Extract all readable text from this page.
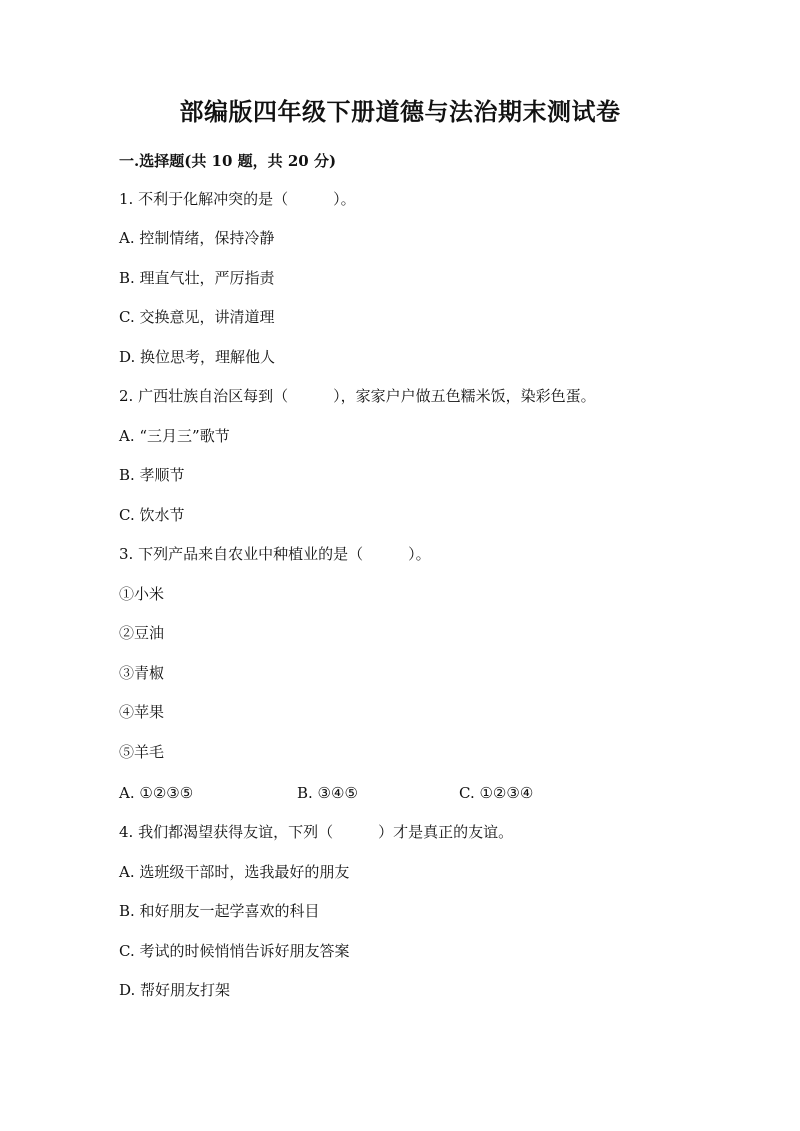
部编版四年级下册道德与法治期末测试卷
一.选择题(共 10 题，共 20 分)
1. 不利于化解冲突的是（　　　）。
A. 控制情绪，保持冷静
B. 理直气壮，严厉指责
C. 交换意见，讲清道理
D. 换位思考，理解他人
2. 广西壮族自治区每到（　　　），家家户户做五色糯米饭，染彩色蛋。
A. “三月三”歌节
B. 孝顺节
C. 饮水节
3. 下列产品来自农业中种植业的是（　　　）。
①小米
②豆油
③青椒
④苹果
⑤羊毛
A. ①②③⑤	B. ③④⑤	C. ①②③④
4. 我们都渴望获得友谊，下列（　　　）才是真正的友谊。
A. 选班级干部时，选我最好的朋友
B. 和好朋友一起学喜欢的科目
C. 考试的时候悄悄告诉好朋友答案
D. 帮好朋友打架
